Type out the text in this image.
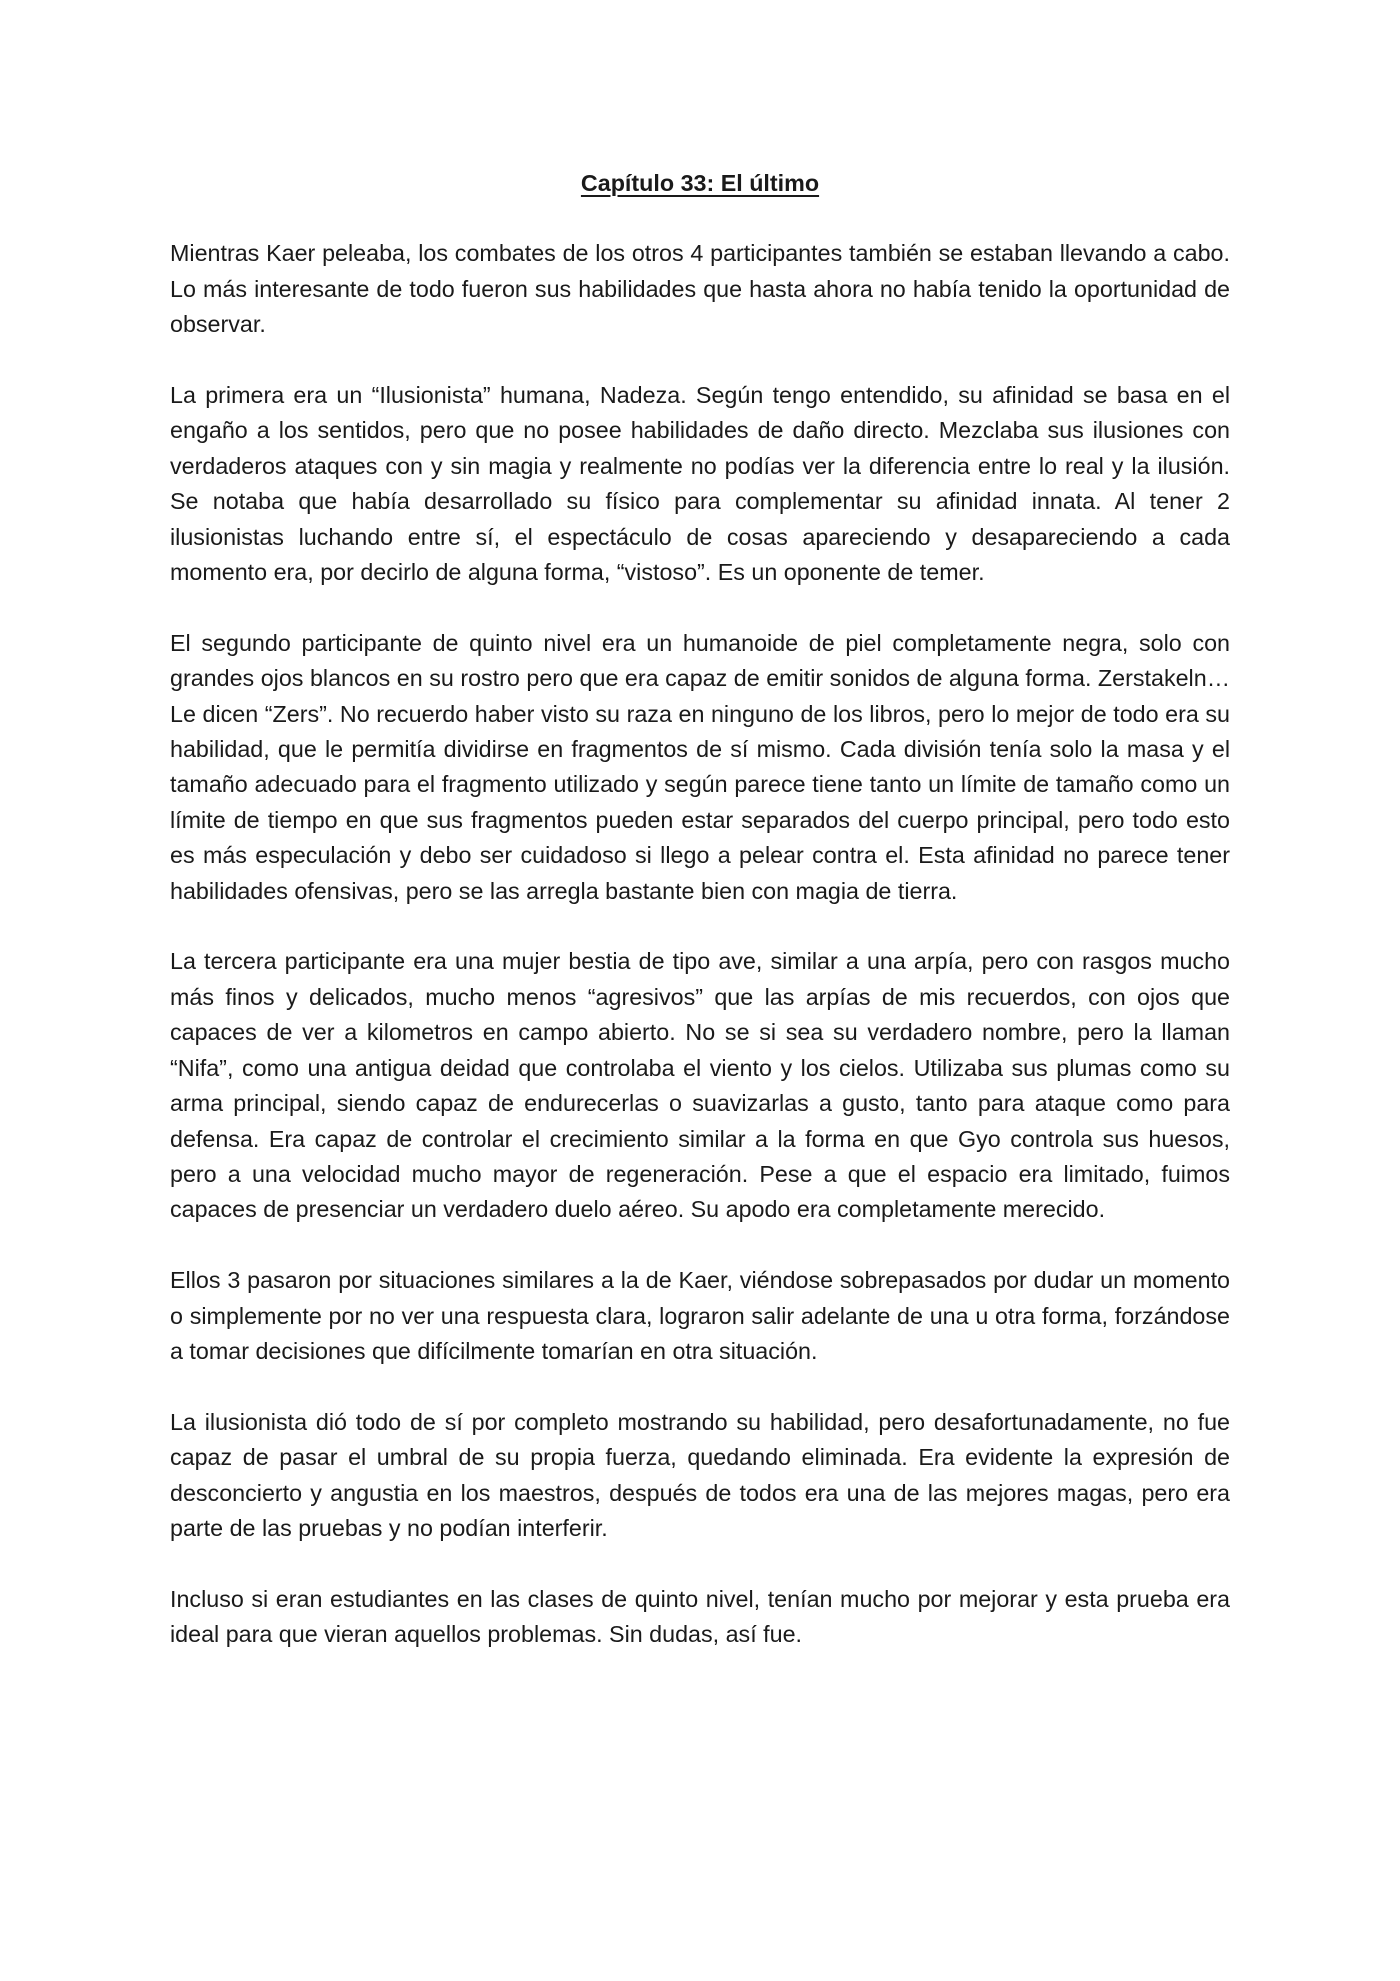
Capítulo 33: El último

Mientras Kaer peleaba, los combates de los otros 4 participantes también se estaban llevando a cabo. Lo más interesante de todo fueron sus habilidades que hasta ahora no había tenido la oportunidad de observar.

La primera era un “Ilusionista” humana, Nadeza. Según tengo entendido, su afinidad se basa en el engaño a los sentidos, pero que no posee habilidades de daño directo. Mezclaba sus ilusiones con verdaderos ataques con y sin magia y realmente no podías ver la diferencia entre lo real y la ilusión. Se notaba que había desarrollado su físico para complementar su afinidad innata. Al tener 2 ilusionistas luchando entre sí, el espectáculo de cosas apareciendo y desapareciendo a cada momento era, por decirlo de alguna forma, “vistoso”. Es un oponente de temer.

El segundo participante de quinto nivel era un humanoide de piel completamente negra, solo con grandes ojos blancos en su rostro pero que era capaz de emitir sonidos de alguna forma. Zerstakeln… Le dicen “Zers”. No recuerdo haber visto su raza en ninguno de los libros, pero lo mejor de todo era su habilidad, que le permitía dividirse en fragmentos de sí mismo. Cada división tenía solo la masa y el tamaño adecuado para el fragmento utilizado y según parece tiene tanto un límite de tamaño como un límite de tiempo en que sus fragmentos pueden estar separados del cuerpo principal, pero todo esto es más especulación y debo ser cuidadoso si llego a pelear contra el. Esta afinidad no parece tener habilidades ofensivas, pero se las arregla bastante bien con magia de tierra.

La tercera participante era una mujer bestia de tipo ave, similar a una arpía, pero con rasgos mucho más finos y delicados, mucho menos “agresivos” que las arpías de mis recuerdos, con ojos que capaces de ver a kilometros en campo abierto. No se si sea su verdadero nombre, pero la llaman “Nifa”, como una antigua deidad que controlaba el viento y los cielos. Utilizaba sus plumas como su arma principal, siendo capaz de endurecerlas o suavizarlas a gusto, tanto para ataque como para defensa. Era capaz de controlar el crecimiento similar a la forma en que Gyo controla sus huesos, pero a una velocidad mucho mayor de regeneración. Pese a que el espacio era limitado, fuimos capaces de presenciar un verdadero duelo aéreo. Su apodo era completamente merecido.

Ellos 3 pasaron por situaciones similares a la de Kaer, viéndose sobrepasados por dudar un momento o simplemente por no ver una respuesta clara, lograron salir adelante de una u otra forma, forzándose a tomar decisiones que difícilmente tomarían en otra situación.

La ilusionista dió todo de sí por completo mostrando su habilidad, pero desafortunadamente, no fue capaz de pasar el umbral de su propia fuerza, quedando eliminada. Era evidente la expresión de desconcierto y angustia en los maestros, después de todos era una de las mejores magas, pero era parte de las pruebas y no podían interferir.

Incluso si eran estudiantes en las clases de quinto nivel, tenían mucho por mejorar y esta prueba era ideal para que vieran aquellos problemas. Sin dudas, así fue.
